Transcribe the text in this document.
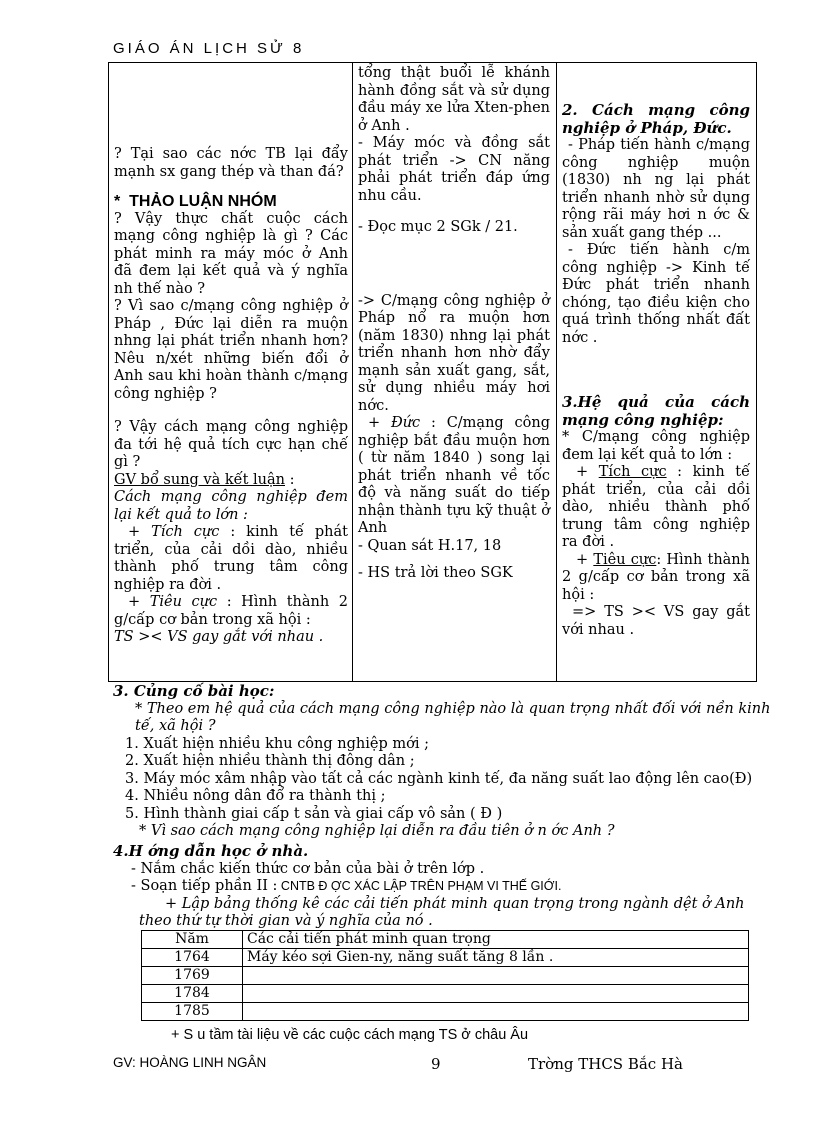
GIÁO ÁN LỊCH SỬ 8

? Tại sao các nớc TB lại đẩy mạnh sx gang thép và than đá?

*  THẢO LUẬN NHÓM

? Vậy thực chất cuộc cách mạng công nghiệp là gì ? Các phát minh ra máy móc ở Anh đã đem lại kết quả và ý nghĩa nh thế nào ?

? Vì sao c/mạng công nghiệp ở Pháp , Đức lại diễn ra muộn nhng lại phát triển nhanh hơn? Nêu n/xét những biến đổi ở Anh sau khi hoàn thành c/mạng công nghiệp ?

? Vậy cách mạng công nghiệp đa tới hệ quả tích cực hạn chế gì ?

GV bổ sung và kết luận :

Cách mạng công nghiệp đem lại kết quả to lớn :

+ Tích cực : kinh tế phát triển, của cải dồi dào, nhiều thành phố trung tâm công nghiệp ra đời .

+ Tiêu cực : Hình thành 2 g/cấp cơ bản trong xã hội :

TS >< VS gay gắt với nhau .

tổng thật buổi lễ khánh hành đồng sắt và sử dụng đầu máy xe lửa Xten-phen ở Anh .

- Máy móc và đồng sắt phát triển -> CN năng phải phát triển đáp ứng nhu cầu.

- Đọc mục 2 SGk / 21.

-> C/mạng công nghiệp ở Pháp nổ ra muộn hơn (năm 1830) nhng lại phát triển nhanh hơn nhờ đẩy mạnh sản xuất gang, sắt, sử dụng nhiều máy hơi nớc.

+ Đức : C/mạng công nghiệp bắt đầu muộn hơn ( từ năm 1840 ) song lại phát triển nhanh về tốc độ và năng suất do tiếp nhận thành tựu kỹ thuật ở Anh

- Quan sát H.17, 18

- HS trả lời theo SGK

2. Cách mạng công nghiệp ở Pháp, Đức.

- Pháp tiến hành c/mạng công nghiệp muộn (1830) nh ng lại phát triển nhanh nhờ sử dụng rộng rãi máy hơi n ớc & sản xuất gang thép ...

- Đức tiến hành c/m công nghiệp -> Kinh tế Đức phát triển nhanh chóng, tạo điều kiện cho quá trình thống nhất đất nớc .

3.Hệ quả của cách mạng công nghiệp:

* C/mạng công nghiệp đem lại kết quả to lớn :

+ Tích cực : kinh tế phát triển, của cải dồi dào, nhiều thành phố trung tâm công nghiệp ra đời .

+ Tiêu cực: Hình thành 2 g/cấp cơ bản trong xã hội :

=> TS >< VS gay gắt với nhau .

3. Củng cố bài học:

* Theo em hệ quả của cách mạng công nghiệp nào là quan trọng nhất đối với nền kinh tế, xã hội ?

1. Xuất hiện nhiều khu công nghiệp mới ;

2. Xuất hiện nhiều thành thị đông dân ;

3. Máy móc xâm nhập vào tất cả các ngành kinh tế, đa năng suất lao động lên cao(Đ)

4. Nhiều nông dân đổ ra thành thị ;

5. Hình thành giai cấp t sản và giai cấp vô sản ( Đ )

* Vì sao cách mạng công nghiệp lại diễn ra đầu tiên ở n ớc Anh ?

4.H ớng dẫn học ở nhà.

- Nắm chắc kiến thức cơ bản của bài ở trên lớp .

- Soạn tiếp phần II : CNTB Đ ỢC XÁC LẬP TRÊN PHẠM VI THẾ GIỚI.

+ Lập bảng thống kê các cải tiến phát minh quan trọng trong ngành dệt ở Anh theo thứ tự thời gian và ý nghĩa của nó .

Năm	Các cải tiến phát minh quan trọng
1764	Máy kéo sợi Gien-ny, năng suất tăng 8 lần .
1769	
1784	
1785	
+ S u tầm tài liệu về các cuộc cách mạng TS ở châu Âu
GV: HOÀNG LINH NGÂN	9	Trờng THCS Bắc Hà
